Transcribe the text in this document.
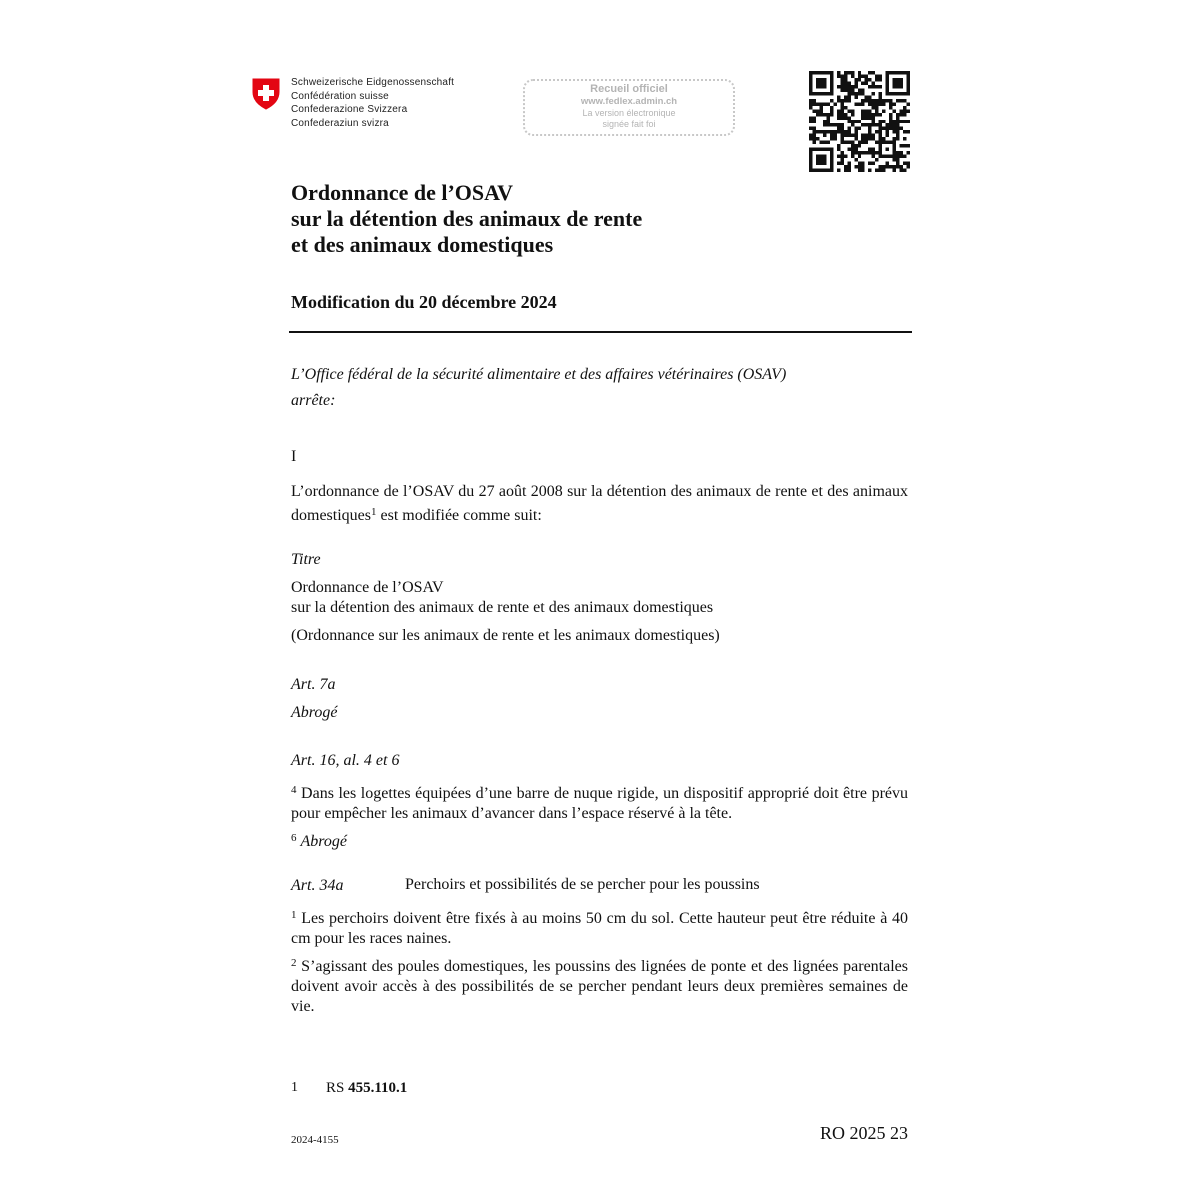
Schweizerische Eidgenossenschaft
Confédération suisse
Confederazione Svizzera
Confederaziun svizra
Recueil officiel
www.fedlex.admin.ch
La version électronique
signée fait foi
Ordonnance de l’OSAV
sur la détention des animaux de rente
et des animaux domestiques
Modification du 20 décembre 2024
L’Office fédéral de la sécurité alimentaire et des affaires vétérinaires (OSAV)
arrête:
I
L’ordonnance de l’OSAV du 27 août 2008 sur la détention des animaux de rente et des animaux domestiques$^1$ est modifiée comme suit:
Titre
Ordonnance de l’OSAV
sur la détention des animaux de rente et des animaux domestiques
(Ordonnance sur les animaux de rente et les animaux domestiques)
Art. 7a
Abrogé
Art. 16, al. 4 et 6
$^4$ Dans les logettes équipées d’une barre de nuque rigide, un dispositif approprié doit être prévu pour empêcher les animaux d’avancer dans l’espace réservé à la tête.
$^6$ Abrogé
Art. 34a	Perchoirs et possibilités de se percher pour les poussins
$^1$ Les perchoirs doivent être fixés à au moins 50 cm du sol. Cette hauteur peut être réduite à 40 cm pour les races naines.
$^2$ S’agissant des poules domestiques, les poussins des lignées de ponte et des lignées parentales doivent avoir accès à des possibilités de se percher pendant leurs deux premières semaines de vie.
1 RS 455.110.1
2024-4155	RO 2025 23
